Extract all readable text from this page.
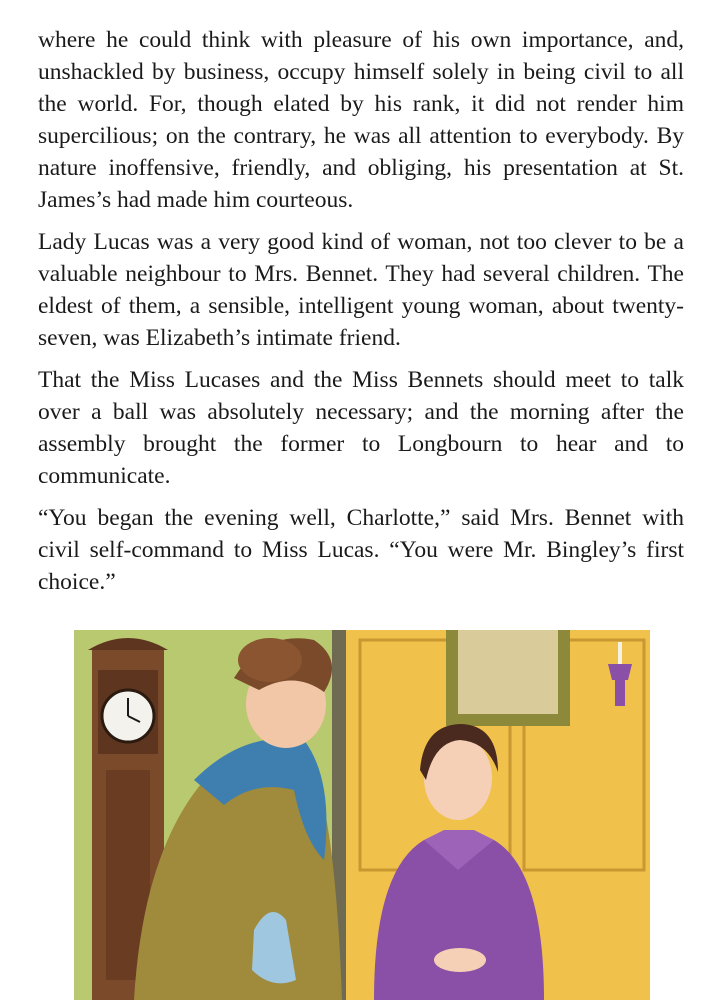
where he could think with pleasure of his own importance, and, unshackled by business, occupy himself solely in being civil to all the world. For, though elated by his rank, it did not render him supercilious; on the contrary, he was all attention to everybody. By nature inoffensive, friendly, and obliging, his presentation at St. James’s had made him courteous.

Lady Lucas was a very good kind of woman, not too clever to be a valuable neighbour to Mrs. Bennet. They had several children. The eldest of them, a sensible, intelligent young woman, about twenty-seven, was Elizabeth’s intimate friend.

That the Miss Lucases and the Miss Bennets should meet to talk over a ball was absolutely necessary; and the morning after the assembly brought the former to Longbourn to hear and to communicate.

“You began the evening well, Charlotte,” said Mrs. Bennet with civil self-command to Miss Lucas. “You were Mr. Bingley’s first choice.”
